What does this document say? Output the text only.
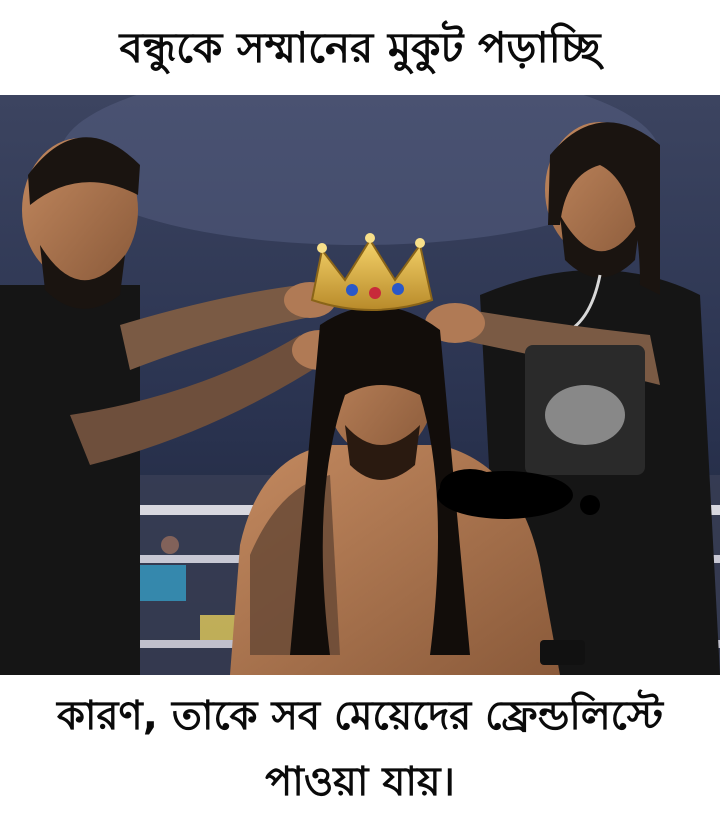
বন্ধুকে সম্মানের মুকুট পড়াচ্ছি
কারণ, তাকে সব মেয়েদের ফ্রেন্ডলিস্টে
পাওয়া যায়।
